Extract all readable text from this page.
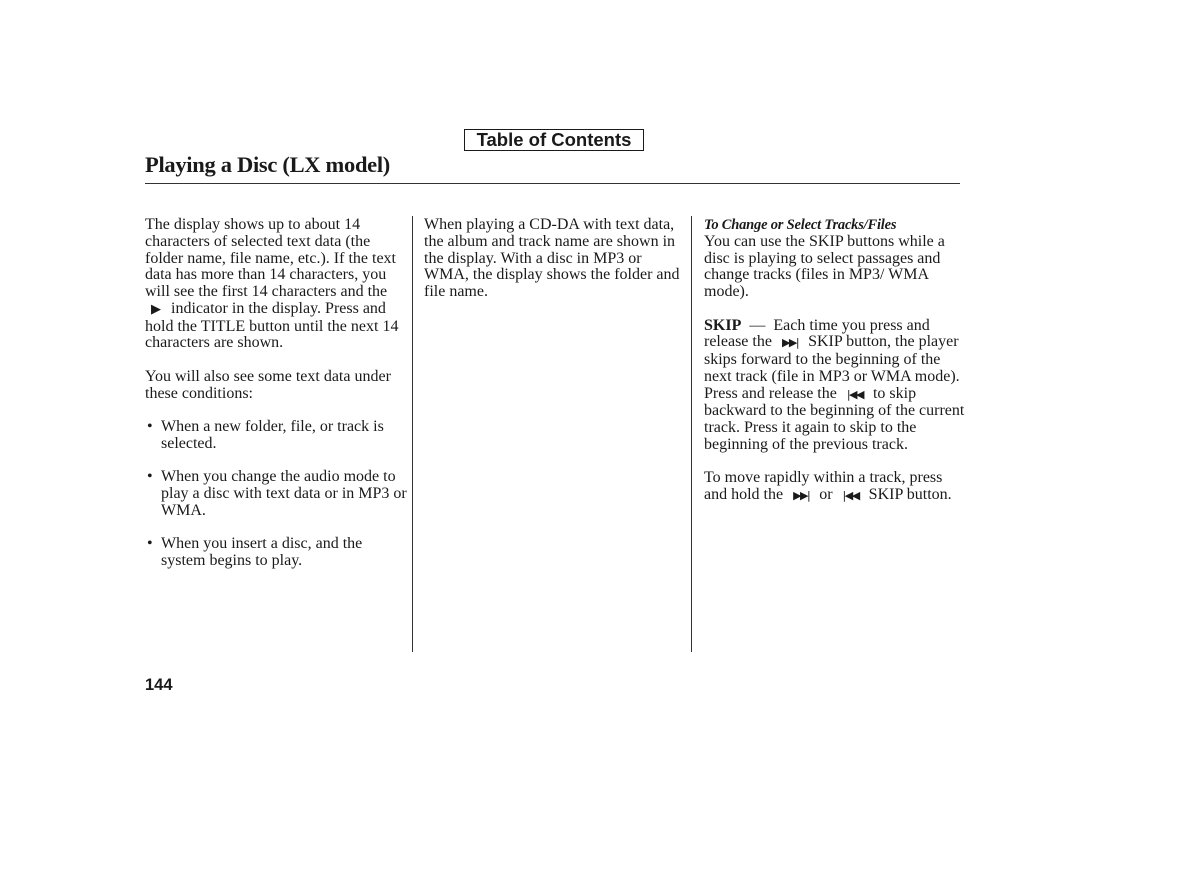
Table of Contents
Playing a Disc (LX model)

The display shows up to about 14 characters of selected text data (the folder name, file name, etc.). If the text data has more than 14 characters, you will see the first 14 characters and the ▶ indicator in the display. Press and hold the TITLE button until the next 14 characters are shown.

You will also see some text data under these conditions:

• When a new folder, file, or track is selected.
• When you change the audio mode to play a disc with text data or in MP3 or WMA.
• When you insert a disc, and the system begins to play.

When playing a CD-DA with text data, the album and track name are shown in the display. With a disc in MP3 or WMA, the display shows the folder and file name.

To Change or Select Tracks/Files

You can use the SKIP buttons while a disc is playing to select passages and change tracks (files in MP3/ WMA mode).

SKIP — Each time you press and release the ▶▶| SKIP button, the player skips forward to the beginning of the next track (file in MP3 or WMA mode). Press and release the |◀◀ to skip backward to the beginning of the current track. Press it again to skip to the beginning of the previous track.

To move rapidly within a track, press and hold the ▶▶| or |◀◀ SKIP button.

144
